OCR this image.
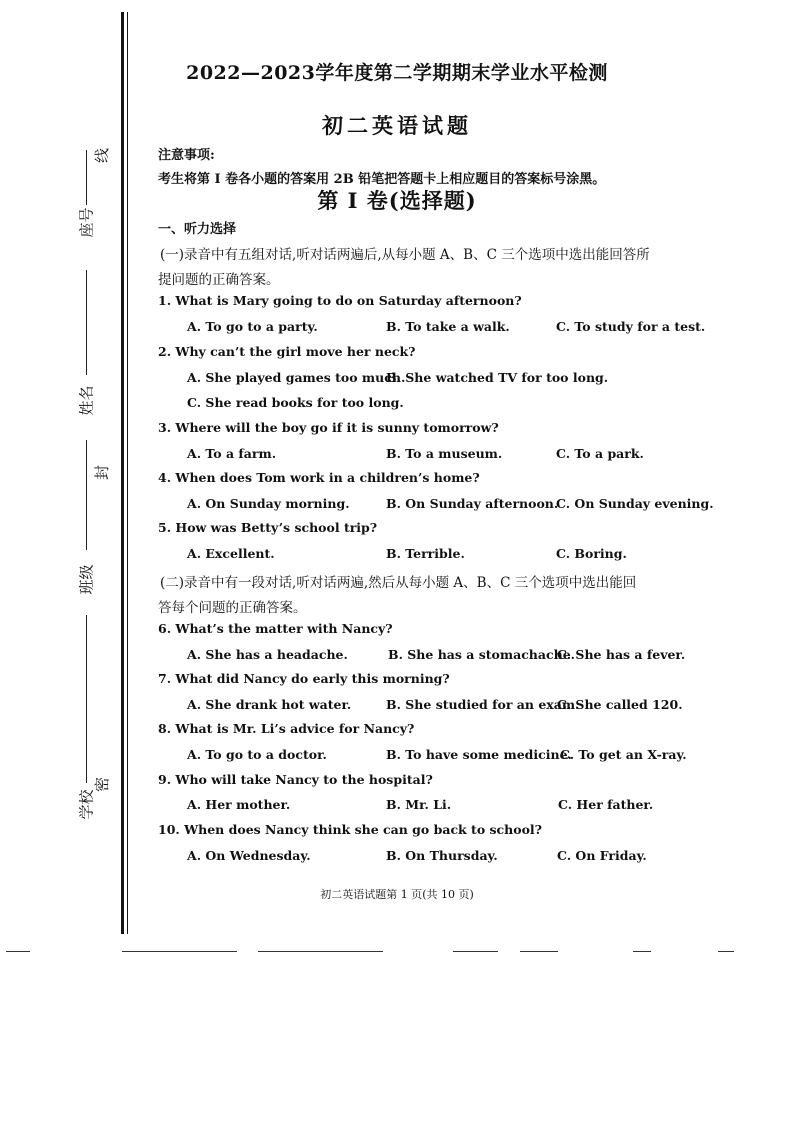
座号
线
姓名
封
班级
学校
密
2022—2023学年度第二学期期末学业水平检测
初二英语试题
注意事项:
考生将第 I 卷各小题的答案用 2B 铅笔把答题卡上相应题目的答案标号涂黑。
第 I 卷(选择题)
一、听力选择
(一)录音中有五组对话,听对话两遍后,从每小题 A、B、C 三个选项中选出能回答所
提问题的正确答案。
1. What is Mary going to do on Saturday afternoon?
A. To go to a party.	B. To take a walk.	C. To study for a test.
2. Why can’t the girl move her neck?
A. She played games too much.
B. She watched TV for too long.
C. She read books for too long.
3. Where will the boy go if it is sunny tomorrow?
A. To a farm.	B. To a museum.	C. To a park.
4. When does Tom work in a children’s home?
A. On Sunday morning.	B. On Sunday afternoon.
C. On Sunday evening.
5. How was Betty’s school trip?
A. Excellent.	B. Terrible.	C. Boring.
(二)录音中有一段对话,听对话两遍,然后从每小题 A、B、C 三个选项中选出能回
答每个问题的正确答案。
6. What’s the matter with Nancy?
A. She has a headache.	B. She has a stomachache.
C. She has a fever.
7. What did Nancy do early this morning?
A. She drank hot water.	B. She studied for an exam.
C. She called 120.
8. What is Mr. Li’s advice for Nancy?
A. To go to a doctor.	B. To have some medicine.
C. To get an X-ray.
9. Who will take Nancy to the hospital?
A. Her mother.	B. Mr. Li.	C. Her father.
10. When does Nancy think she can go back to school?
A. On Wednesday.	B. On Thursday.	C. On Friday.
初二英语试题第 1 页(共 10 页)
